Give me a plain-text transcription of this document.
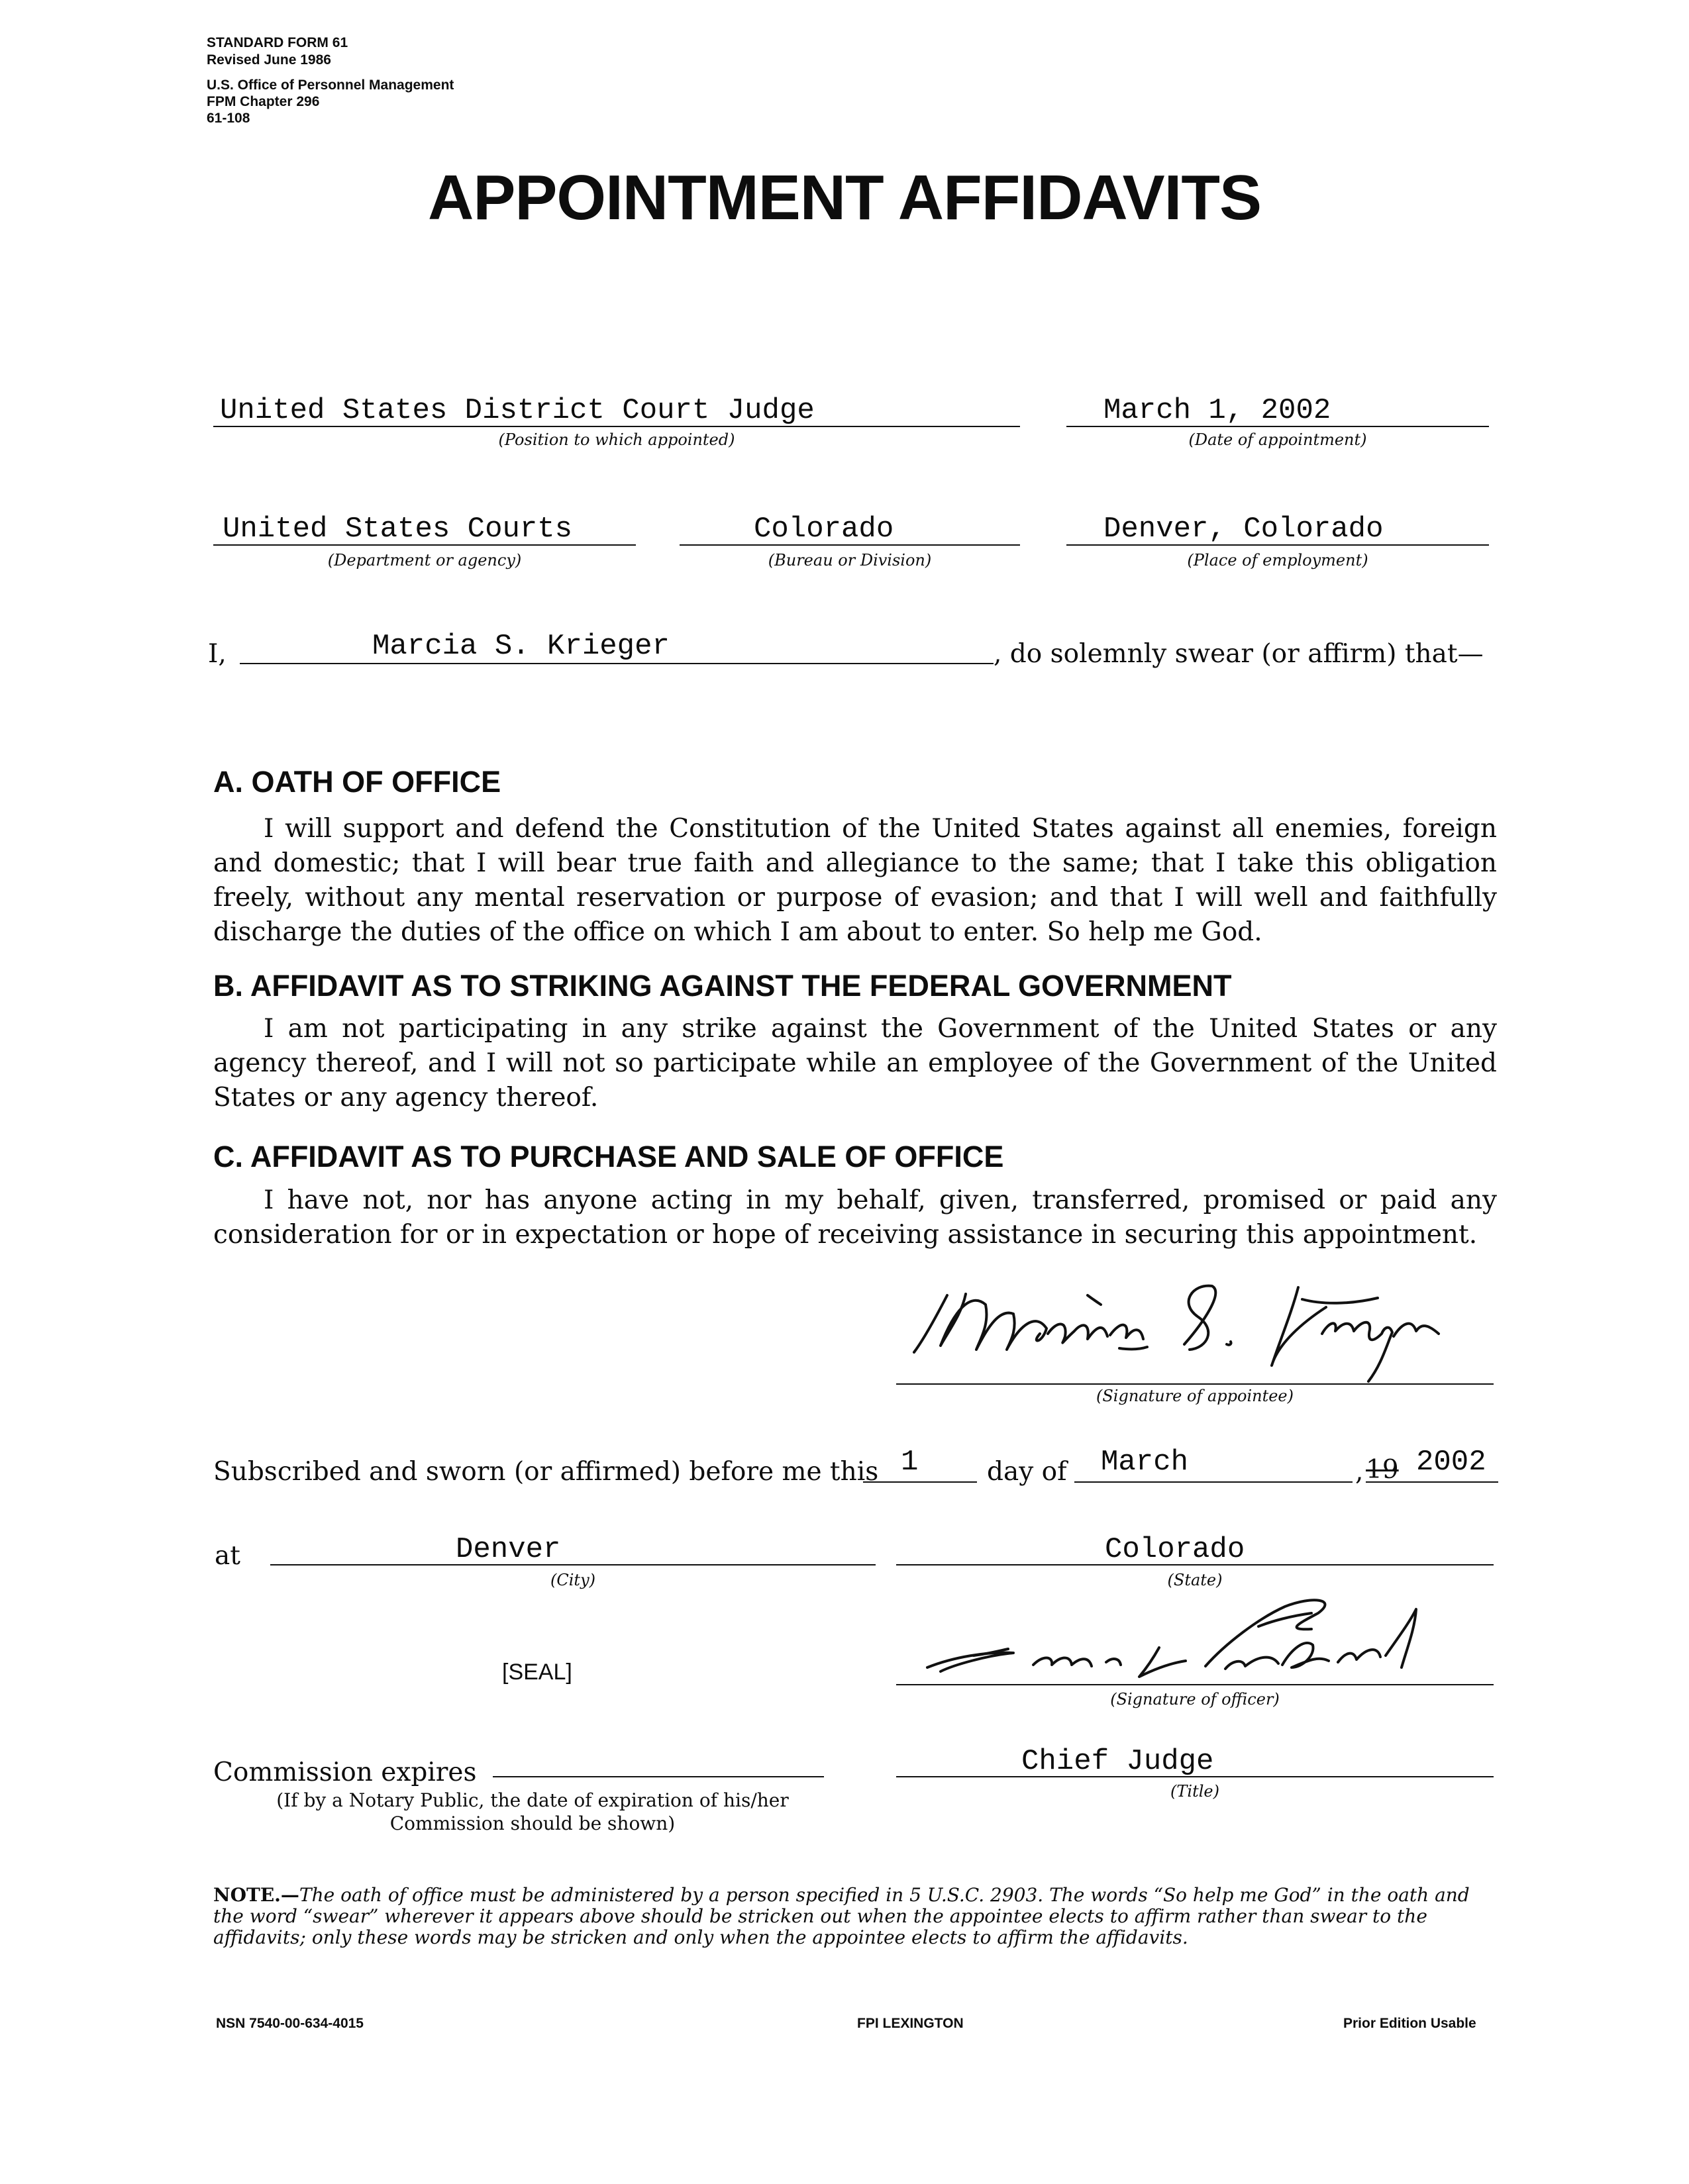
STANDARD FORM 61
Revised June 1986
U.S. Office of Personnel Management
FPM Chapter 296
61-108
APPOINTMENT AFFIDAVITS
United States District Court Judge
(Position to which appointed)
March 1, 2002
(Date of appointment)
United States Courts
(Department or agency)
Colorado
(Bureau or Division)
Denver, Colorado
(Place of employment)
I,	Marcia S. Krieger	, do solemnly swear (or affirm) that—
A. OATH OF OFFICE

I will support and defend the Constitution of the United States against all enemies, foreign and domestic; that I will bear true faith and allegiance to the same; that I take this obligation freely, without any mental reservation or purpose of evasion; and that I will well and faithfully discharge the duties of the office on which I am about to enter. So help me God.

B. AFFIDAVIT AS TO STRIKING AGAINST THE FEDERAL GOVERNMENT

I am not participating in any strike against the Government of the United States or any agency thereof, and I will not so participate while an employee of the Government of the United States or any agency thereof.

C. AFFIDAVIT AS TO PURCHASE AND SALE OF OFFICE

I have not, nor has anyone acting in my behalf, given, transferred, promised or paid any consideration for or in expectation or hope of receiving assistance in securing this appointment.

(Signature of appointee)
Subscribed and sworn (or affirmed) before me this 1	day of March	, 19 2002
at	Denver
(City)
Colorado
(State)
[SEAL]
(Signature of officer)
Commission expires
(If by a Notary Public, the date of expiration of his/her Commission should be shown)
Chief Judge
(Title)
NOTE.—The oath of office must be administered by a person specified in 5 U.S.C. 2903. The words “So help me God” in the oath and the word “swear” wherever it appears above should be stricken out when the appointee elects to affirm rather than swear to the affidavits; only these words may be stricken and only when the appointee elects to affirm the affidavits.
NSN 7540-00-634-4015	FPI LEXINGTON	Prior Edition Usable
